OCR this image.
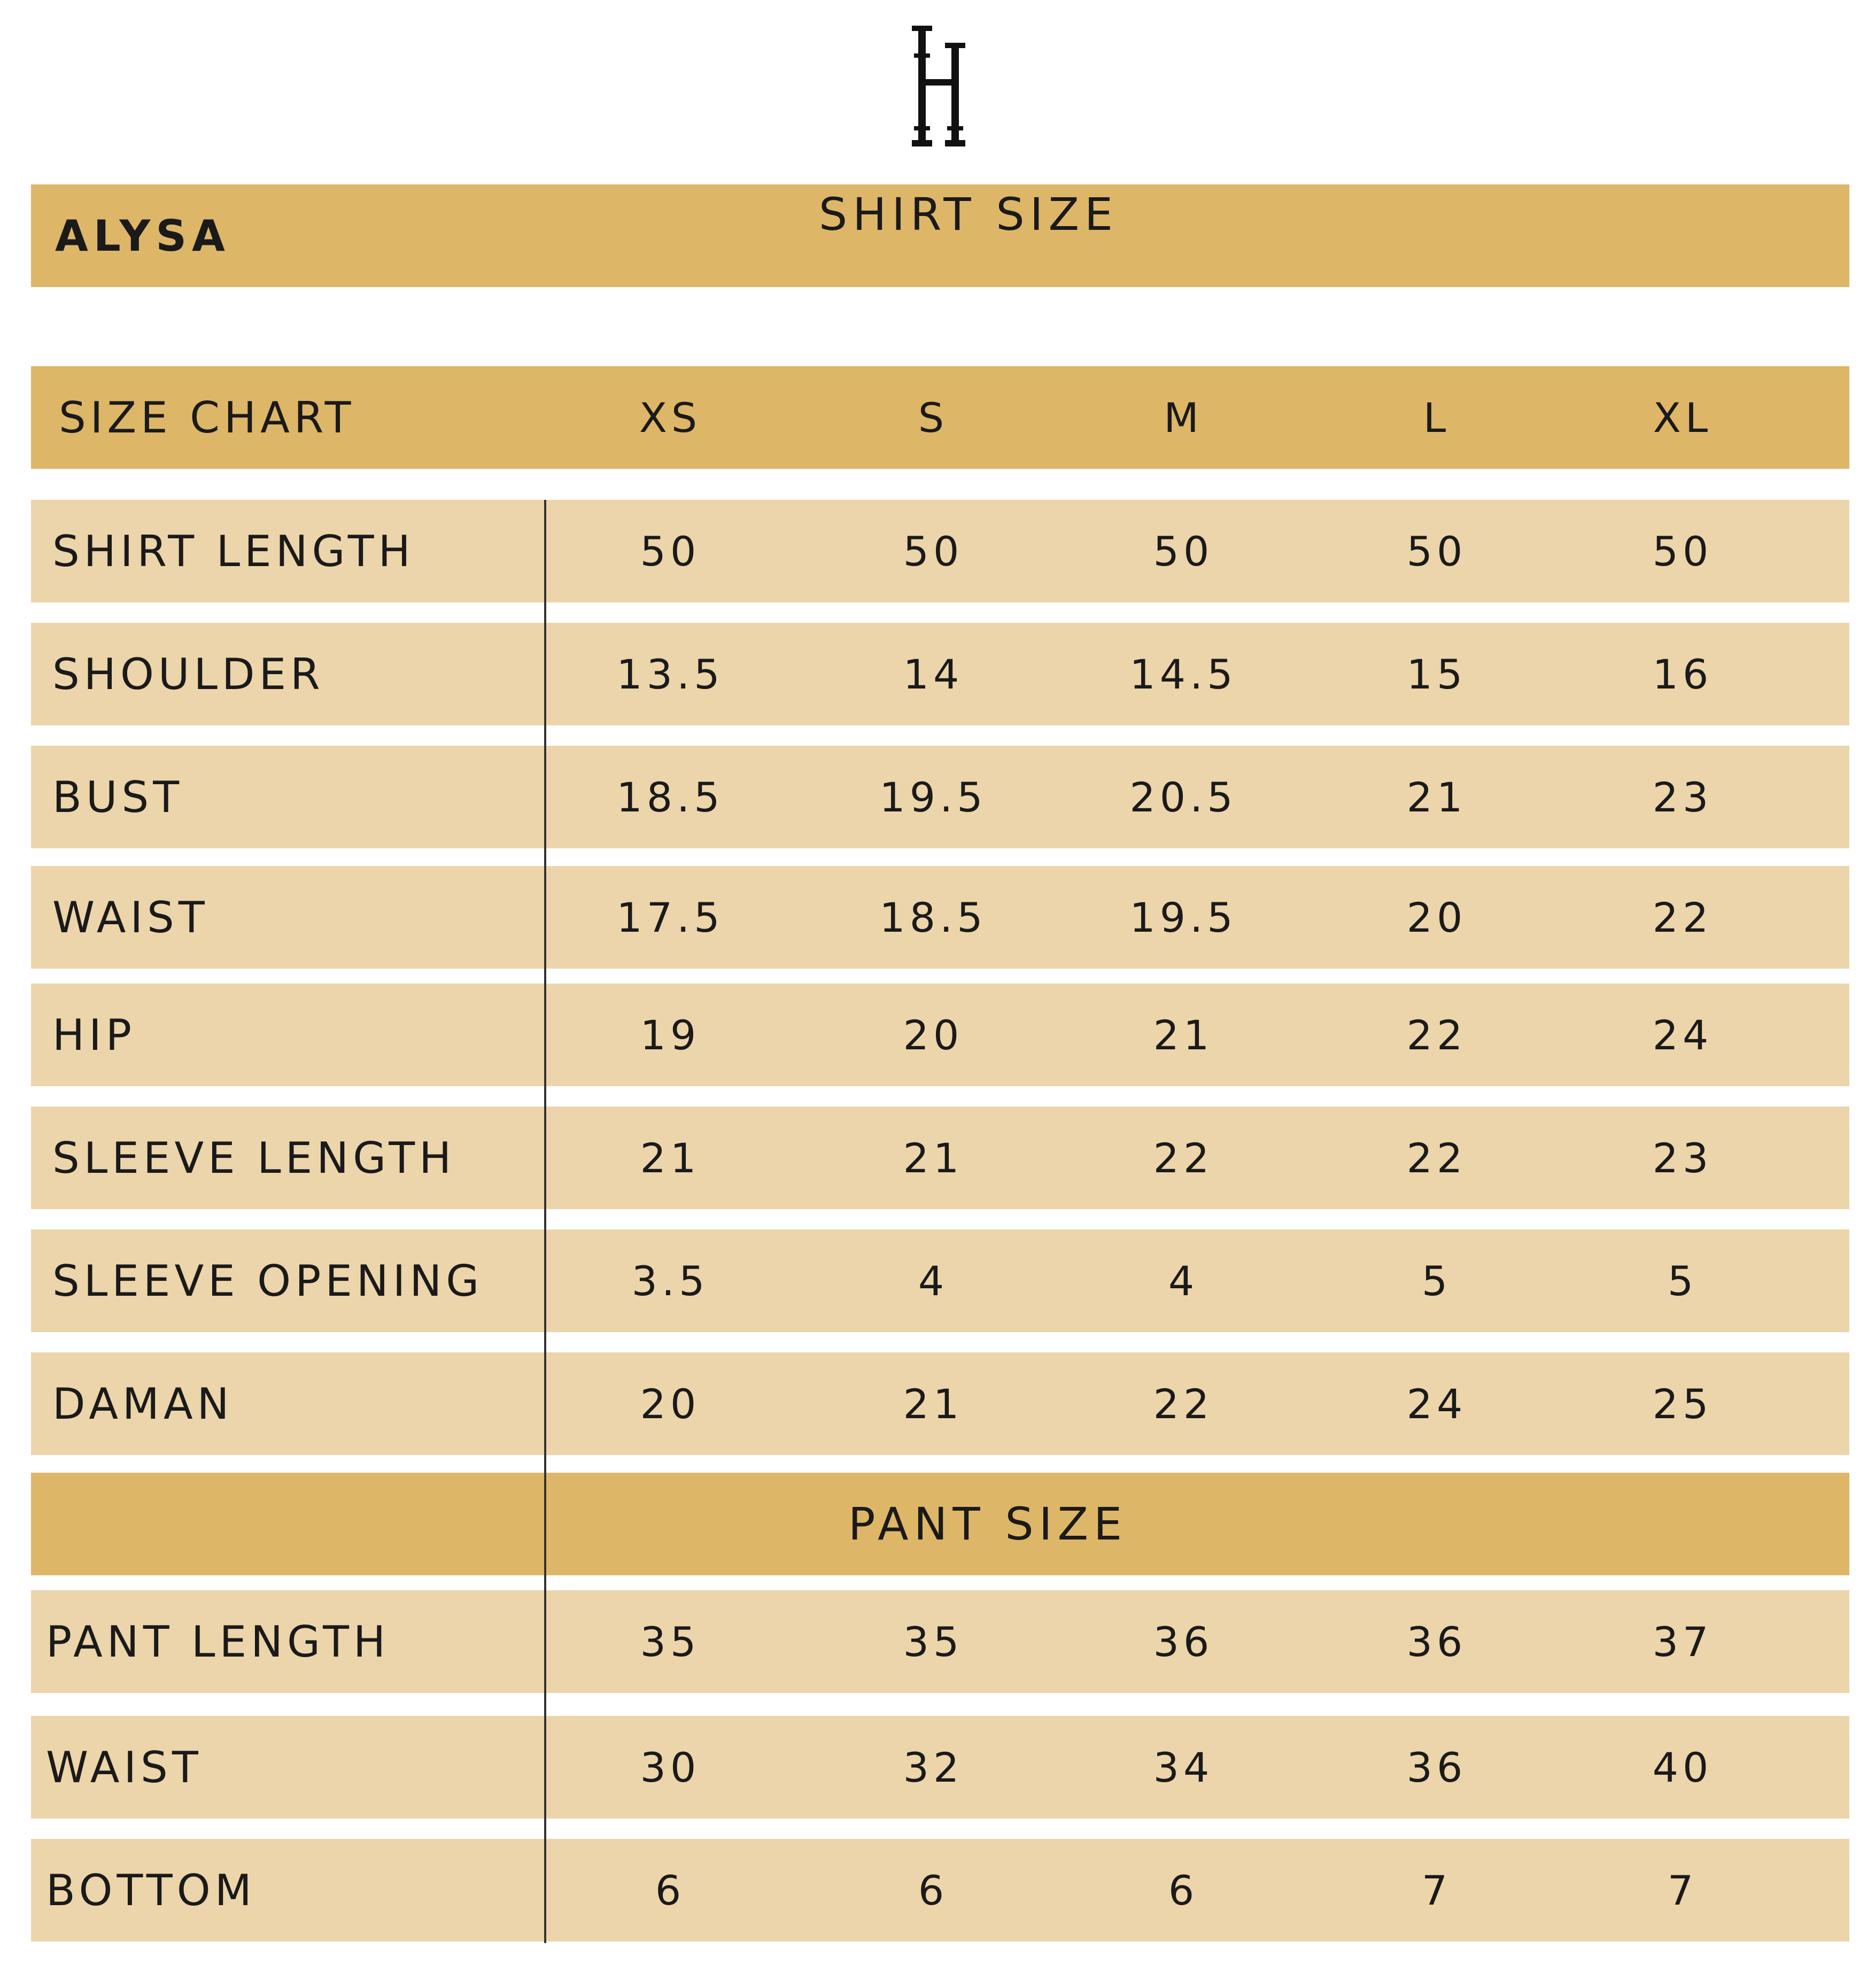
ALYSA	SHIRT SIZE
SIZE CHART	XS	S	M	L	XL
SHIRT LENGTH	50	50	50	50	50
SHOULDER	13.5	14	14.5	15	16
BUST	18.5	19.5	20.5	21	23
WAIST	17.5	18.5	19.5	20	22
HIP	19	20	21	22	24
SLEEVE LENGTH	21	21	22	22	23
SLEEVE OPENING	3.5	4	4	5	5
DAMAN	20	21	22	24	25
PANT SIZE
PANT LENGTH	35	35	36	36	37
WAIST	30	32	34	36	40
BOTTOM	6	6	6	7	7
